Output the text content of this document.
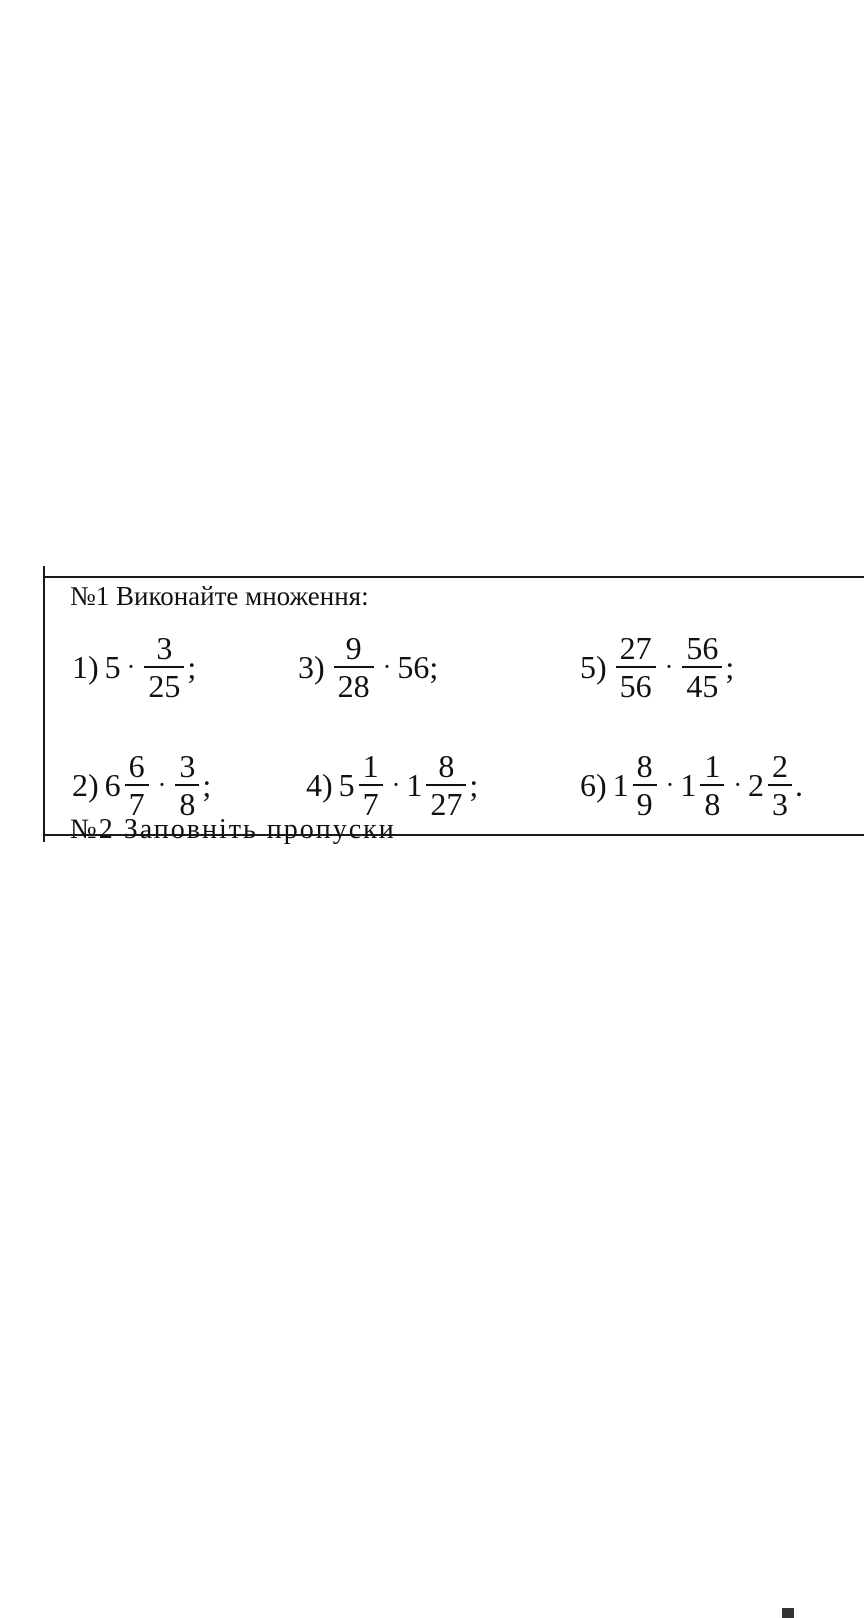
№1 Виконайте множення:
1) $5 \cdot \frac{3}{25}$ ;	$3) \frac{9}{28} \cdot 56$ ;	$5) \frac{27}{56} \cdot \frac{56}{45}$ ;
2) $6 \frac{6}{7} \cdot \frac{3}{8}$ ;	4) $5 \frac{1}{7} \cdot 1 \frac{8}{27}$ ;	6) $1 \frac{8}{9} \cdot 1 \frac{1}{8} \cdot 2 \frac{2}{3}$ .
№2 Заповніть пропуски
